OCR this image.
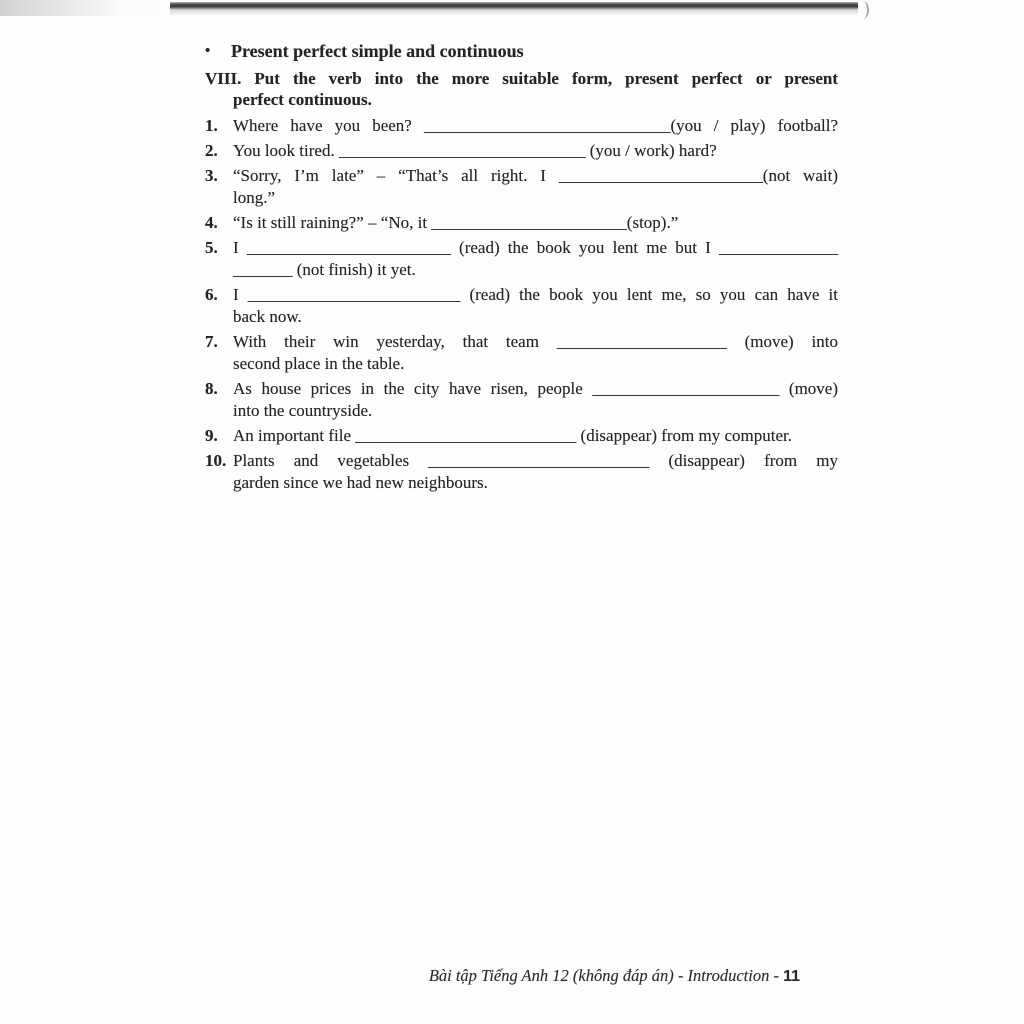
•	Present perfect simple and continuous
VIII. Put the verb into the more suitable form, present perfect or present
perfect continuous.
1. Where have you been? _____________________________(you / play) football?
2. You look tired. _____________________________ (you / work) hard?
3. “Sorry, I’m late” – “That’s all right. I ________________________(not wait)
long.”
4. “Is it still raining?” – “No, it _______________________(stop).”
5. I ________________________ (read) the book you lent me but I ______________
_______ (not finish) it yet.
6. I _________________________ (read) the book you lent me, so you can have it
back now.
7. With their win yesterday, that team ____________________ (move) into
second place in the table.
8. As house prices in the city have risen, people ______________________ (move)
into the countryside.
9. An important file __________________________ (disappear) from my computer.
10. Plants and vegetables __________________________ (disappear) from my
garden since we had new neighbours.
Bài tập Tiếng Anh 12 (không đáp án) - Introduction - 11
